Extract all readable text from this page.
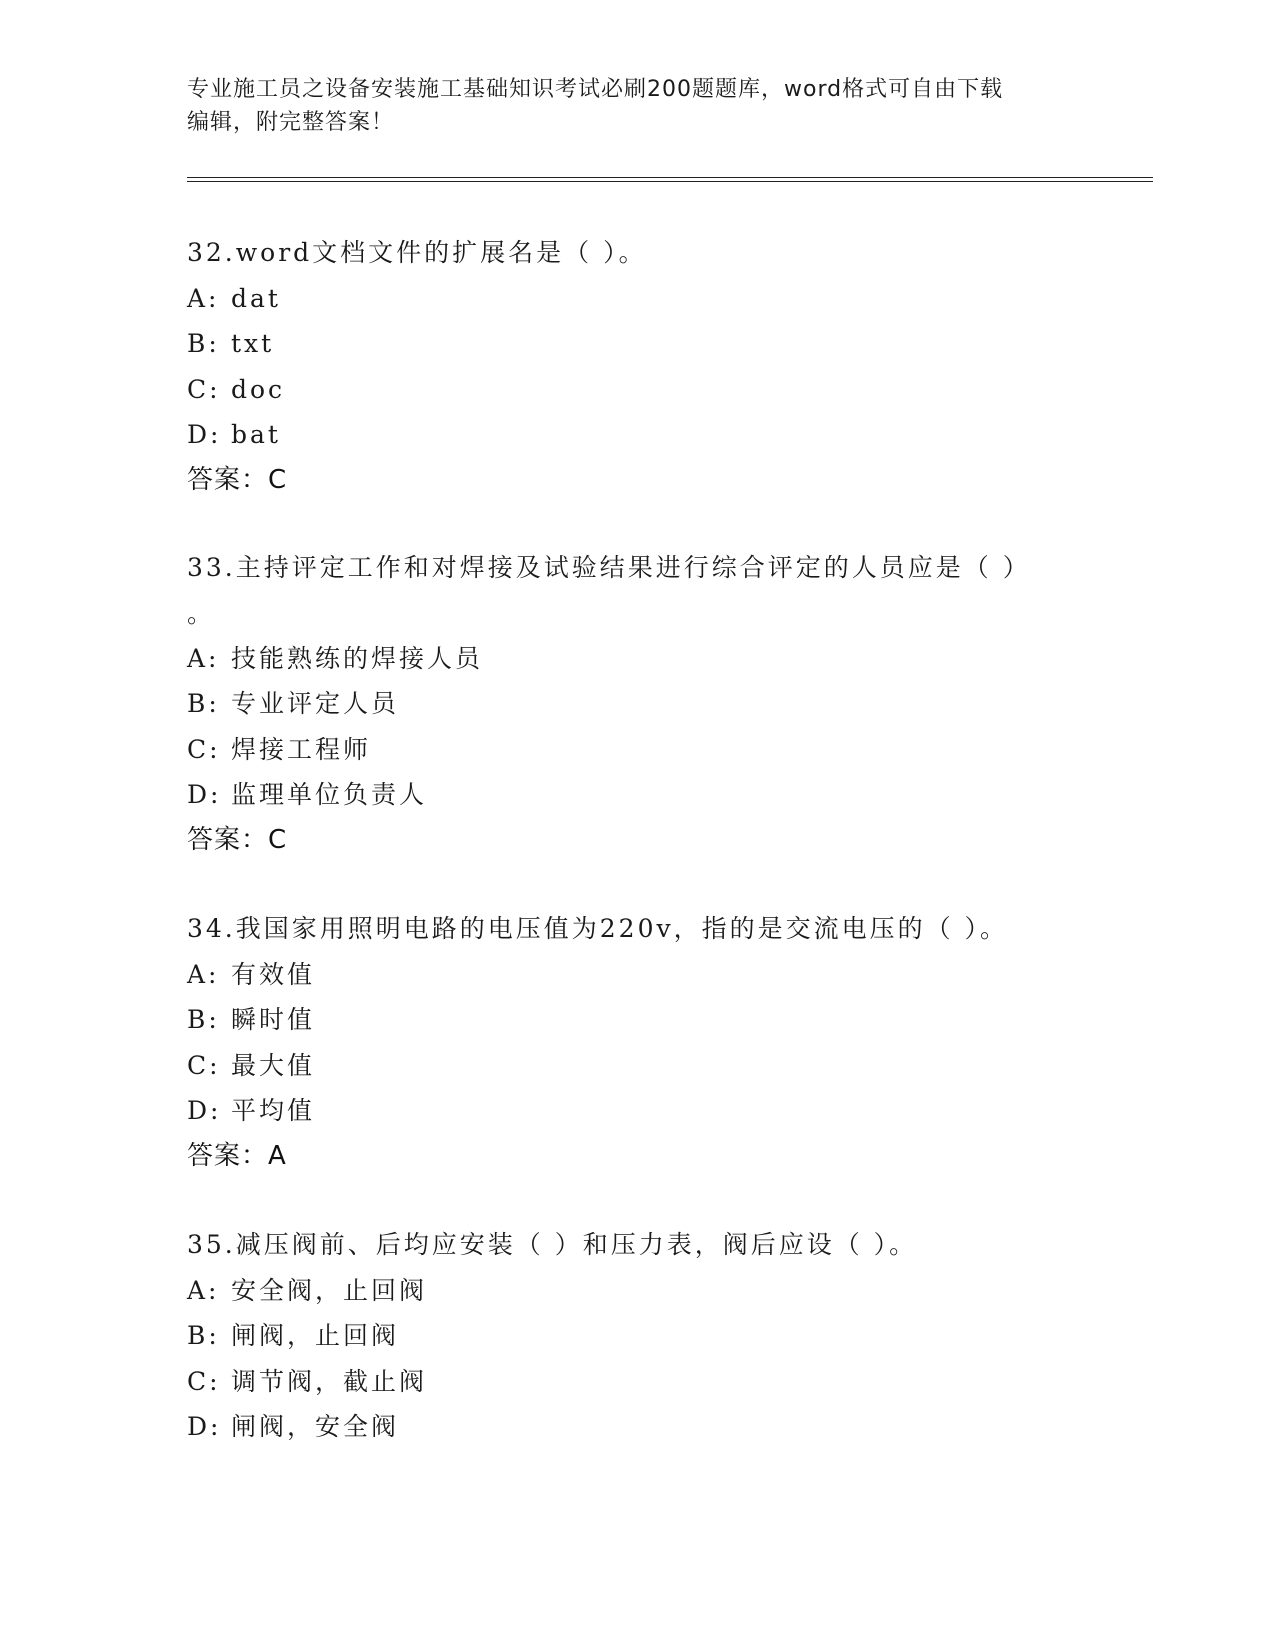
专业施工员之设备安装施工基础知识考试必刷200题题库，word格式可自由下载
编辑，附完整答案！
32.word文档文件的扩展名是（ ）。
A: dat
B: txt
C: doc
D: bat
答案：C
33.主持评定工作和对焊接及试验结果进行综合评定的人员应是（ ）
。
A: 技能熟练的焊接人员
B: 专业评定人员
C: 焊接工程师
D: 监理单位负责人
答案：C
34.我国家用照明电路的电压值为220v，指的是交流电压的（ ）。
A: 有效值
B: 瞬时值
C: 最大值
D: 平均值
答案：A
35.减压阀前、后均应安装（ ）和压力表，阀后应设（ ）。
A: 安全阀，止回阀
B: 闸阀，止回阀
C: 调节阀，截止阀
D: 闸阀，安全阀
